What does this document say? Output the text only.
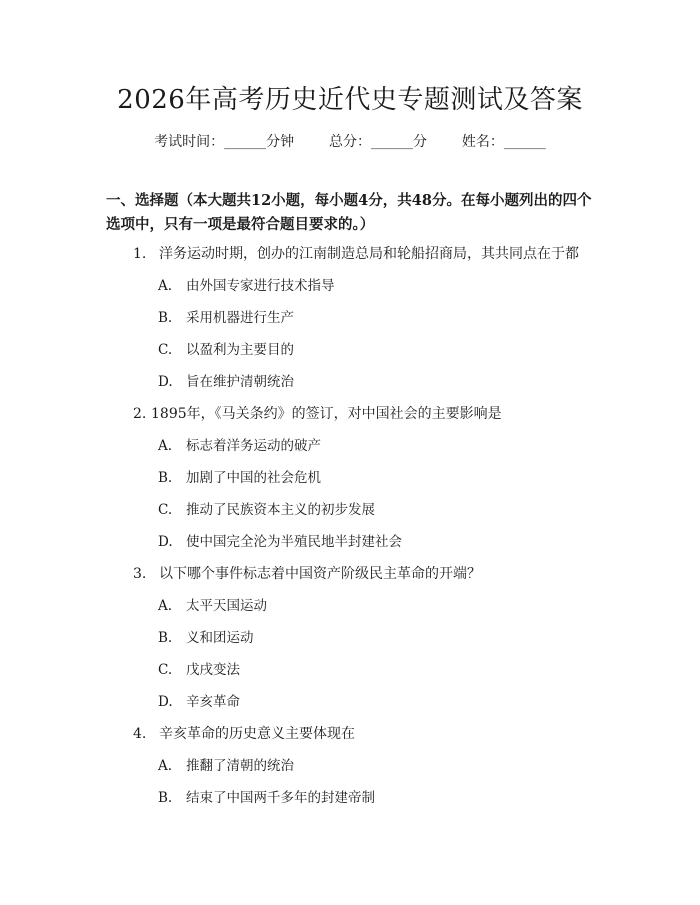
2026年高考历史近代史专题测试及答案
考试时间：______分钟 总分：______分 姓名：______
一、选择题（本大题共12小题，每小题4分，共48分。在每小题列出的四个选项中，只有一项是最符合题目要求的。）
1. 洋务运动时期，创办的江南制造总局和轮船招商局，其共同点在于都
A. 由外国专家进行技术指导
B. 采用机器进行生产
C. 以盈利为主要目的
D. 旨在维护清朝统治
2. 1895年，《马关条约》的签订，对中国社会的主要影响是
A. 标志着洋务运动的破产
B. 加剧了中国的社会危机
C. 推动了民族资本主义的初步发展
D. 使中国完全沦为半殖民地半封建社会
3. 以下哪个事件标志着中国资产阶级民主革命的开端？
A. 太平天国运动
B. 义和团运动
C. 戊戌变法
D. 辛亥革命
4. 辛亥革命的历史意义主要体现在
A. 推翻了清朝的统治
B. 结束了中国两千多年的封建帝制
